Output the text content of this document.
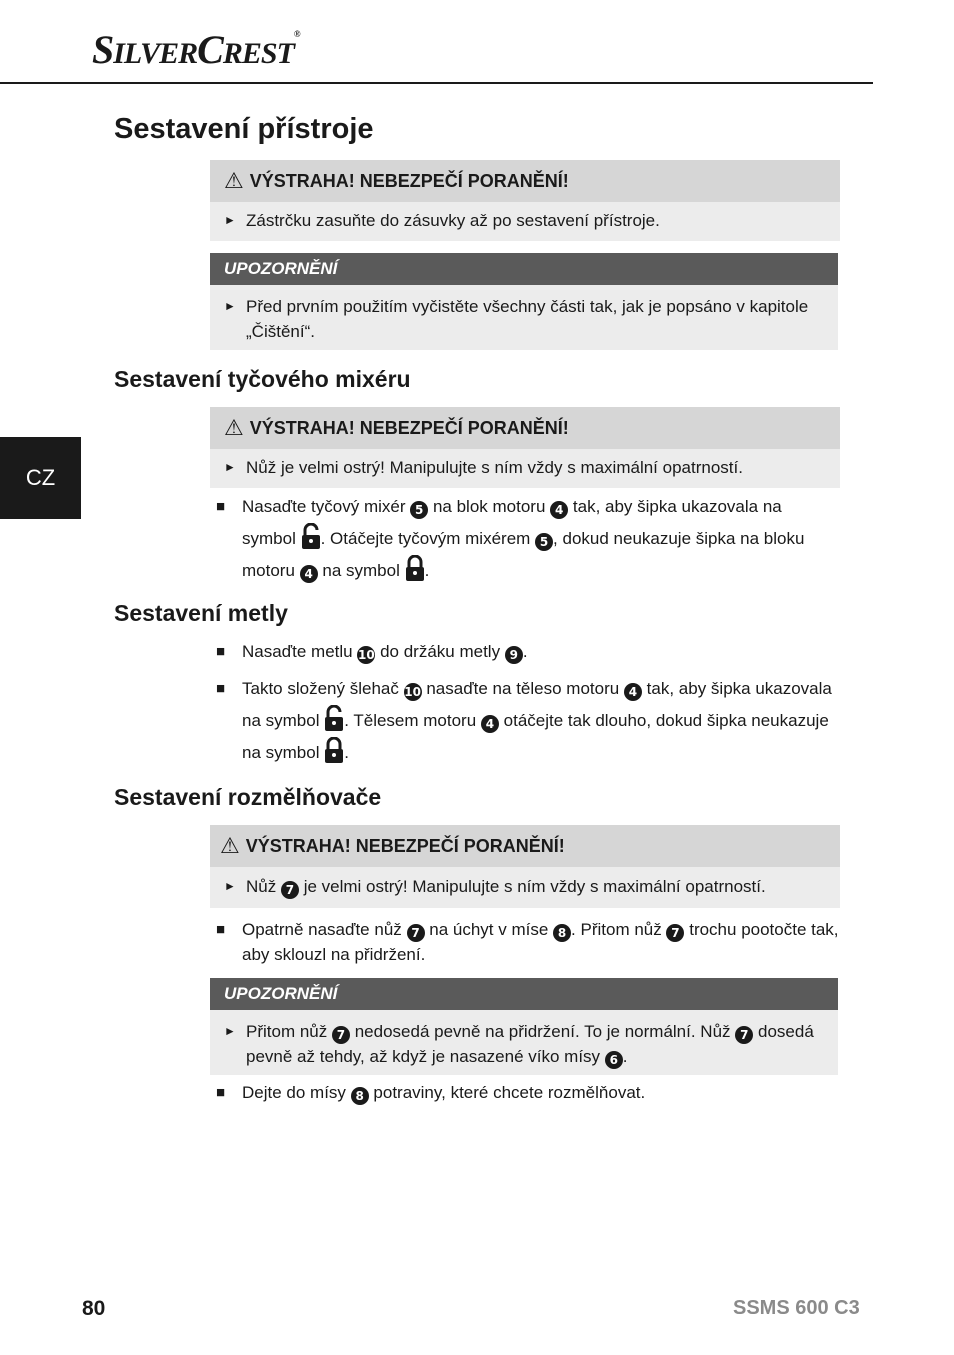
SILVERCREST®
CZ
Sestavení přístroje
⚠ VÝSTRAHA! NEBEZPEČÍ PORANĚNÍ!
► Zástrčku zasuňte do zásuvky až po sestavení přístroje.
UPOZORNĚNÍ
► Před prvním použitím vyčistěte všechny části tak, jak je popsáno v kapitole „Čištění“.
Sestavení tyčového mixéru
⚠ VÝSTRAHA! NEBEZPEČÍ PORANĚNÍ!
► Nůž je velmi ostrý! Manipulujte s ním vždy s maximální opatrností.
■ Nasaďte tyčový mixér 5 na blok motoru 4 tak, aby šipka ukazovala na symbol . Otáčejte tyčovým mixérem 5 , dokud neukazuje šipka na bloku motoru 4 na symbol .
Sestavení metly
■ Nasaďte metlu 10 do držáku metly 9 .
■ Takto složený šlehač 10 nasaďte na těleso motoru 4 tak, aby šipka ukazovala na symbol . Tělesem motoru 4 otáčejte tak dlouho, dokud šipka neukazuje na symbol .
Sestavení rozmělňovače
⚠ VÝSTRAHA! NEBEZPEČÍ PORANĚNÍ!
► Nůž 7 je velmi ostrý! Manipulujte s ním vždy s maximální opatrností.
■ Opatrně nasaďte nůž 7 na úchyt v míse 8 . Přitom nůž 7 trochu pootočte tak, aby sklouzl na přidržení.
UPOZORNĚNÍ
► Přitom nůž 7 nedosedá pevně na přidržení. To je normální. Nůž 7 dosedá pevně až tehdy, až když je nasazené víko mísy 6 .
■ Dejte do mísy 8 potraviny, které chcete rozmělňovat.
80	SSMS 600 C3
